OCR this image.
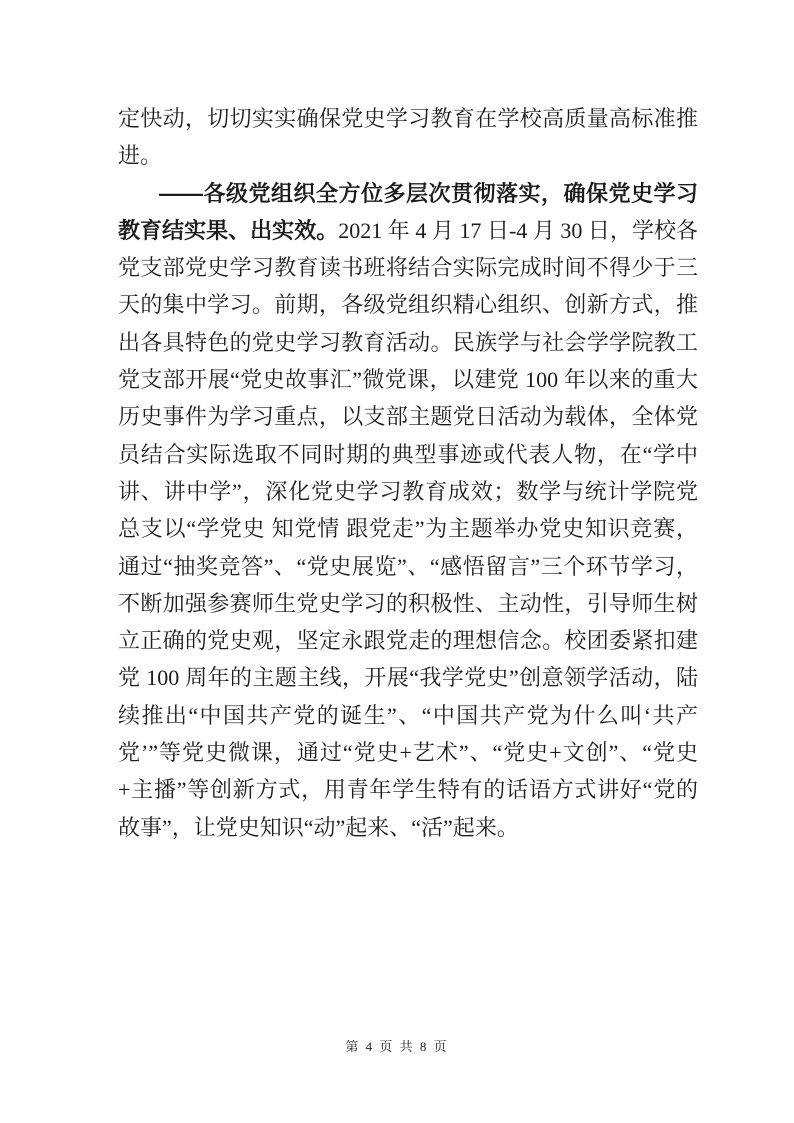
定快动，切切实实确保党史学习教育在学校高质量高标准推进。

——各级党组织全方位多层次贯彻落实，确保党史学习教育结实果、出实效。2021 年 4 月 17 日-4 月 30 日，学校各党支部党史学习教育读书班将结合实际完成时间不得少于三天的集中学习。前期，各级党组织精心组织、创新方式，推出各具特色的党史学习教育活动。民族学与社会学学院教工党支部开展“党史故事汇”微党课，以建党 100 年以来的重大历史事件为学习重点，以支部主题党日活动为载体，全体党员结合实际选取不同时期的典型事迹或代表人物，在“学中讲、讲中学”，深化党史学习教育成效；数学与统计学院党总支以“学党史 知党情 跟党走”为主题举办党史知识竞赛，通过“抽奖竞答”、“党史展览”、“感悟留言”三个环节学习，不断加强参赛师生党史学习的积极性、主动性，引导师生树立正确的党史观，坚定永跟党走的理想信念。校团委紧扣建党 100 周年的主题主线，开展“我学党史”创意领学活动，陆续推出“中国共产党的诞生”、“中国共产党为什么叫‘共产党’”等党史微课，通过“党史+艺术”、“党史+文创”、“党史+主播”等创新方式，用青年学生特有的话语方式讲好“党的故事”，让党史知识“动”起来、“活”起来。

第 4 页 共 8 页
